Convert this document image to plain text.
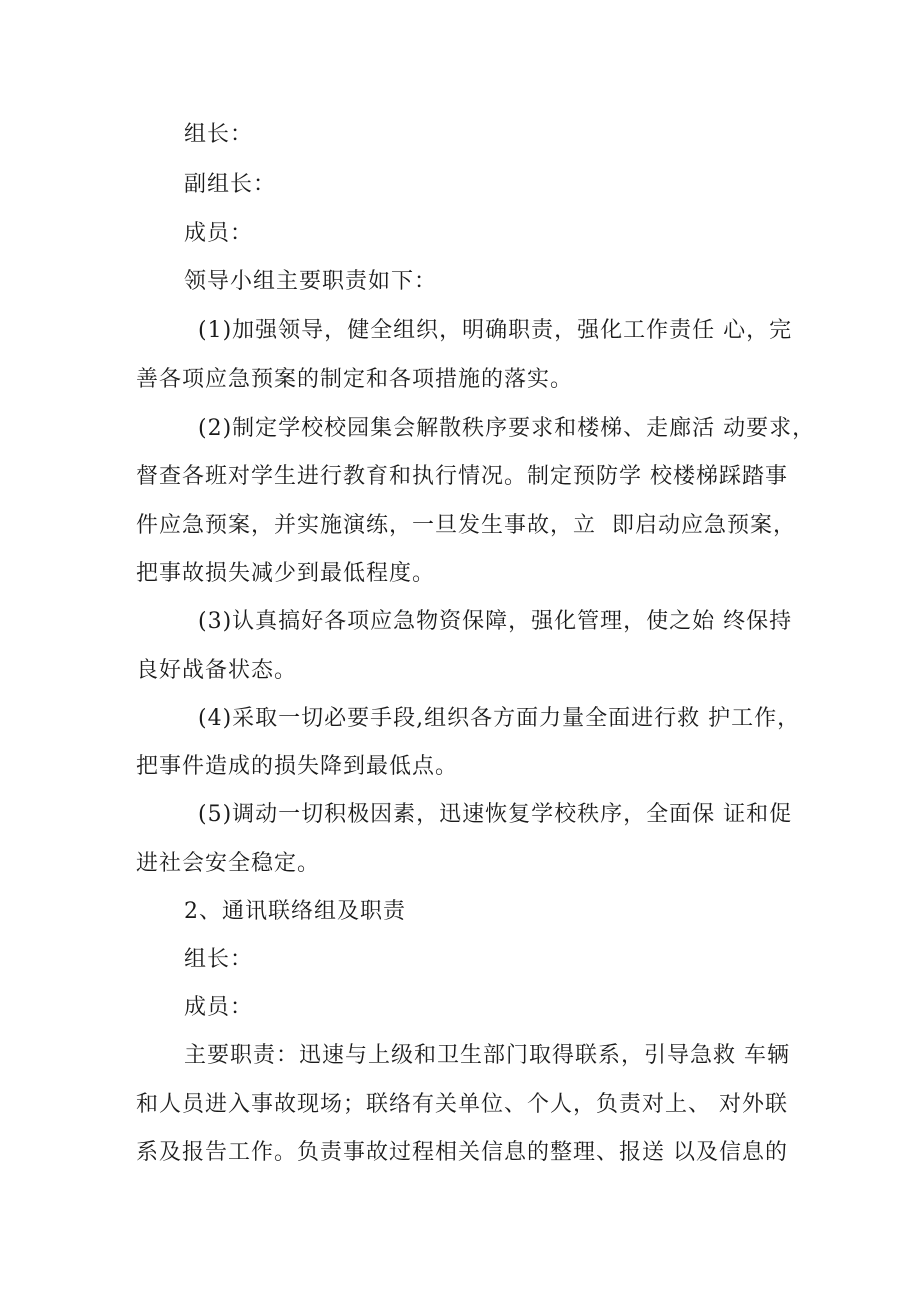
组长：
副组长：
成员：
领导小组主要职责如下：
(1)加强领导，健全组织，明确职责，强化工作责任 心，完
善各项应急预案的制定和各项措施的落实。
(2)制定学校校园集会解散秩序要求和楼梯、走廊活 动要求，
督查各班对学生进行教育和执行情况。制定预防学 校楼梯踩踏事
件应急预案，并实施演练，一旦发生事故，立  即启动应急预案，
把事故损失减少到最低程度。
(3)认真搞好各项应急物资保障，强化管理，使之始 终保持
良好战备状态。
(4)采取一切必要手段,组织各方面力量全面进行救 护工作，
把事件造成的损失降到最低点。
(5)调动一切积极因素，迅速恢复学校秩序，全面保 证和促
进社会安全稳定。
2、通讯联络组及职责
组长：
成员：
主要职责：迅速与上级和卫生部门取得联系，引导急救 车辆
和人员进入事故现场；联络有关单位、个人，负责对上、 对外联
系及报告工作。负责事故过程相关信息的整理、报送 以及信息的
